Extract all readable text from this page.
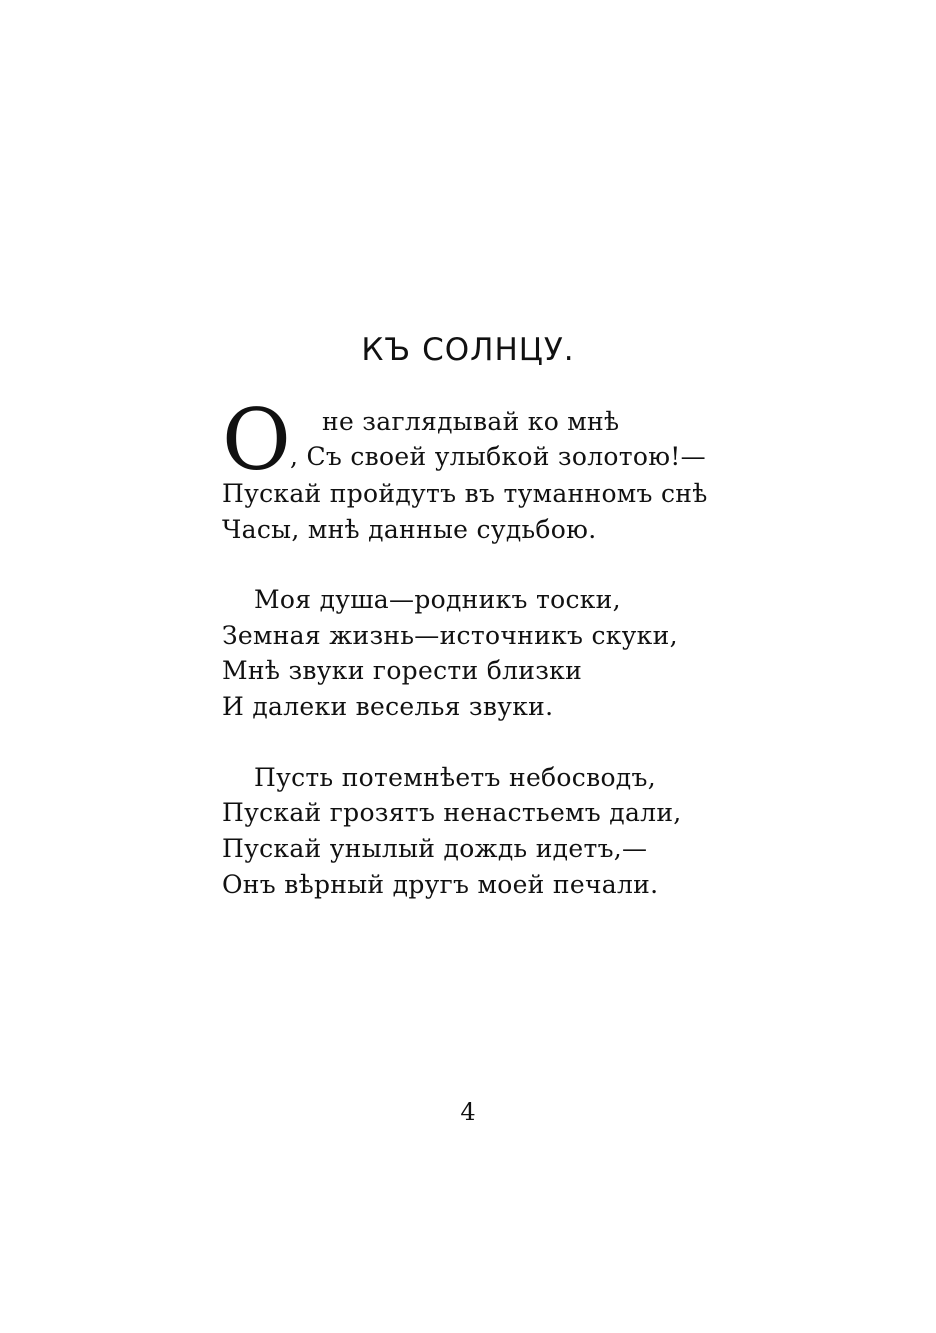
КЪ СОЛНЦУ.
О не заглядывай ко мнѣ
, Съ своей улыбкой золотою!—
Пускай пройдутъ въ туманномъ снѣ
Часы, мнѣ данные судьбою.
Моя душа—родникъ тоски,
Земная жизнь—источникъ скуки,
Мнѣ звуки горести близки
И далеки веселья звуки.
Пусть потемнѣетъ небосводъ,
Пускай грозятъ ненастьемъ дали,
Пускай унылый дождь идетъ,—
Онъ вѣрный другъ моей печали.
4
